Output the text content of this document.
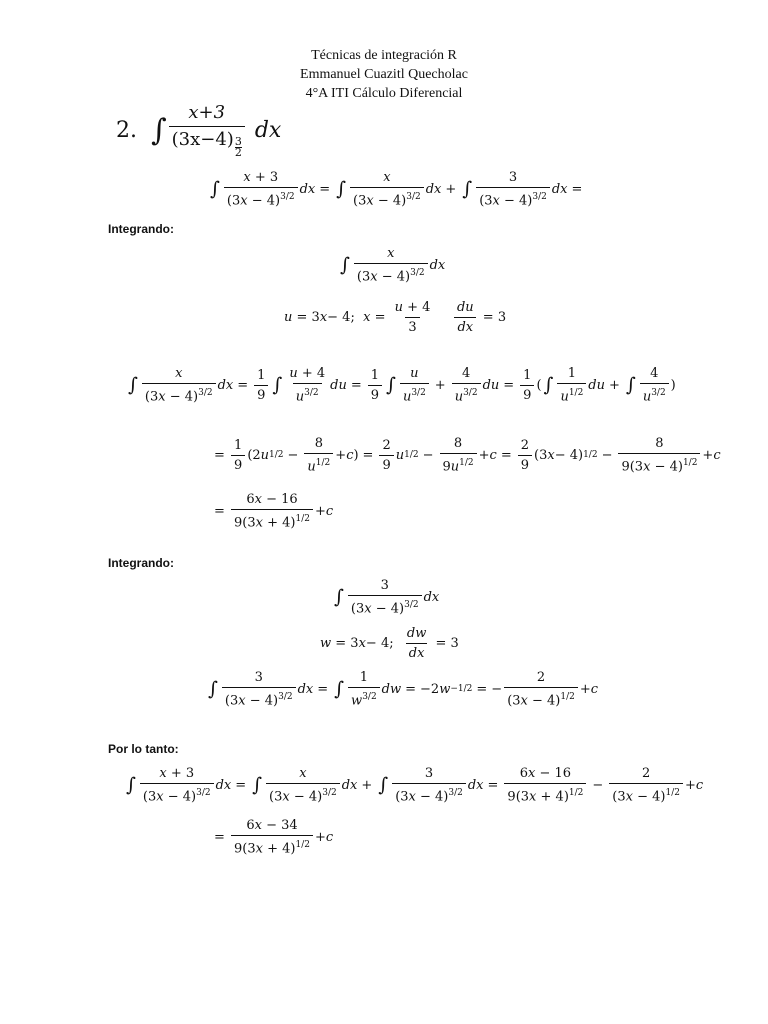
Técnicas de integración R
Emmanuel Cuazitl Quecholac
4°A ITI Cálculo Diferencial
2. ∫ $\frac{x+3}{(3x-4) \frac{3}{2}}$ dx
∫ $\frac{x + 3}{(3x - 4)^{3/2}}$ dx = ∫ $\frac{x}{(3x - 4)^{3/2}}$ dx + ∫ $\frac{3}{(3x - 4)^{3/2}}$ dx =
Integrando:
∫ $\frac{x}{(3x - 4)^{3/2}}$ dx
u = 3 x − 4; $x = \frac{u + 4}{3}$
$\frac{du}{dx} = 3$
∫ $\frac{x}{(3x - 4)^{3/2}}$ dx = $\frac{1}{9}$ ∫ $\frac{u + 4}{u^{3/2}}$ du = $\frac{1}{9}$ ∫ $\frac{u}{u^{3/2}} + \frac{4}{u^{3/2}}$ du = $\frac{1}{9}$ ( ∫ $\frac{1}{u^{1/2}}$ du + ∫ $\frac{4}{u^{3/2}}$ )
= $\frac{1}{9} (2$ u $1/2 - \frac{8}{u^{1/2}} + c$ ) = $\frac{2}{9}$ u $1/2 - \frac{8}{9u^{1/2}} + c = \frac{2}{9} (3$ x − 4) $1/2 - \frac{8}{9(3x - 4)^{1/2}} + c$
= $\frac{6x - 16}{9(3x + 4)^{1/2}} + c$
Integrando:
∫ $\frac{3}{(3x - 4)^{3/2}}$ dx
w = 3 x − 4; $\frac{dw}{dx} = 3$
∫ $\frac{3}{(3x - 4)^{3/2}}$ dx = ∫ $\frac{1}{w^{3/2}}$ dw = −2 w −1/2 = − $\frac{2}{(3x - 4)^{1/2}} + c$
Por lo tanto:
∫ $\frac{x + 3}{(3x - 4)^{3/2}}$ dx = ∫ $\frac{x}{(3x - 4)^{3/2}}$ dx + ∫ $\frac{3}{(3x - 4)^{3/2}}$ dx = $\frac{6x - 16}{9(3x + 4)^{1/2}} - \frac{2}{(3x - 4)^{1/2}} + c$
= $\frac{6x - 34}{9(3x + 4)^{1/2}} + c$
